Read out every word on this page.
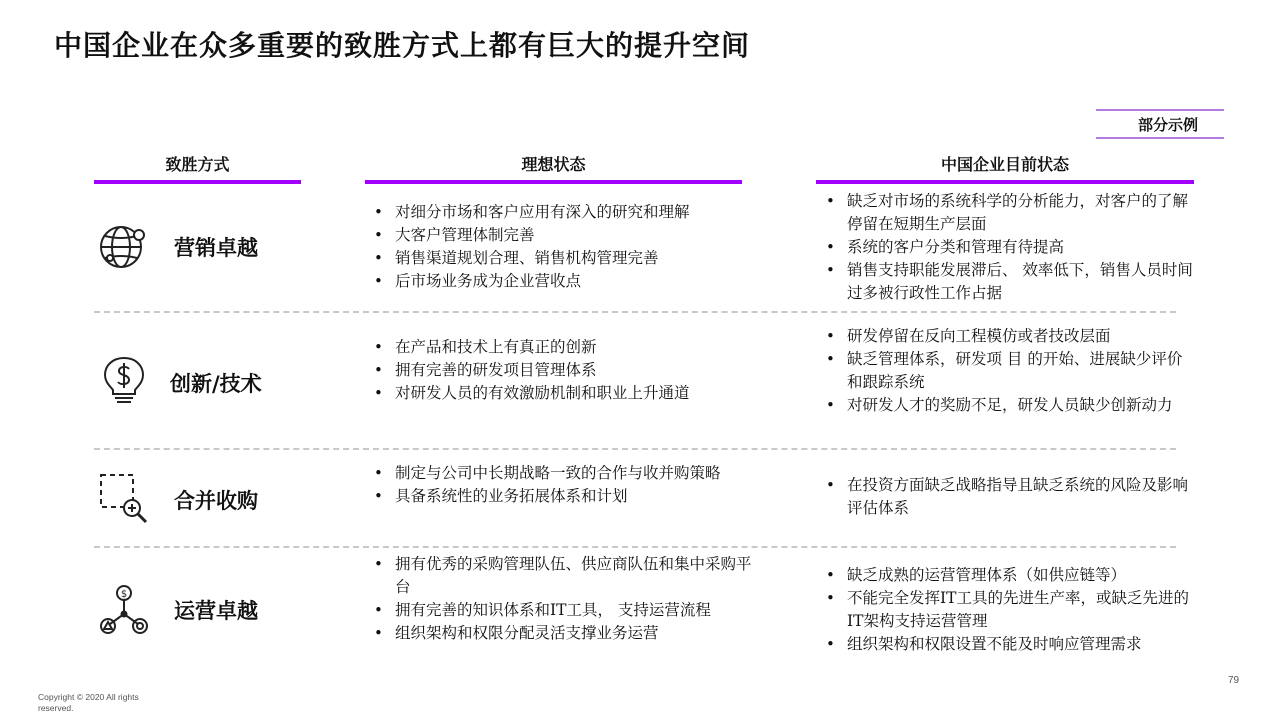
中国企业在众多重要的致胜方式上都有巨大的提升空间
部分示例
致胜方式	理想状态	中国企业目前状态
营销卓越
• 对细分市场和客户应用有深入的研究和理解
• 大客户管理体制完善
• 销售渠道规划合理、销售机构管理完善
• 后市场业务成为企业营收点
• 缺乏对市场的系统科学的分析能力，对客户的了解停留在短期生产层面
• 系统的客户分类和管理有待提高
• 销售支持职能发展滞后、 效率低下，销售人员时间过多被行政性工作占据
创新/技术
• 在产品和技术上有真正的创新
• 拥有完善的研发项目管理体系
• 对研发人员的有效激励机制和职业上升通道
• 研发停留在反向工程模仿或者技改层面
• 缺乏管理体系，研发项 目 的开始、进展缺少评价和跟踪系统
• 对研发人才的奖励不足，研发人员缺少创新动力
合并收购
• 制定与公司中长期战略一致的合作与收并购策略
• 具备系统性的业务拓展体系和计划
• 在投资方面缺乏战略指导且缺乏系统的风险及影响评估体系
$
运营卓越
• 拥有优秀的采购管理队伍、供应商队伍和集中采购平台
• 拥有完善的知识体系和IT工具， 支持运营流程
• 组织架构和权限分配灵活支撑业务运营
• 缺乏成熟的运营管理体系（如供应链等）
• 不能完全发挥IT工具的先进生产率，或缺乏先进的IT架构支持运营管理
• 组织架构和权限设置不能及时响应管理需求
Copyright © 2020 All rights reserved.
79
